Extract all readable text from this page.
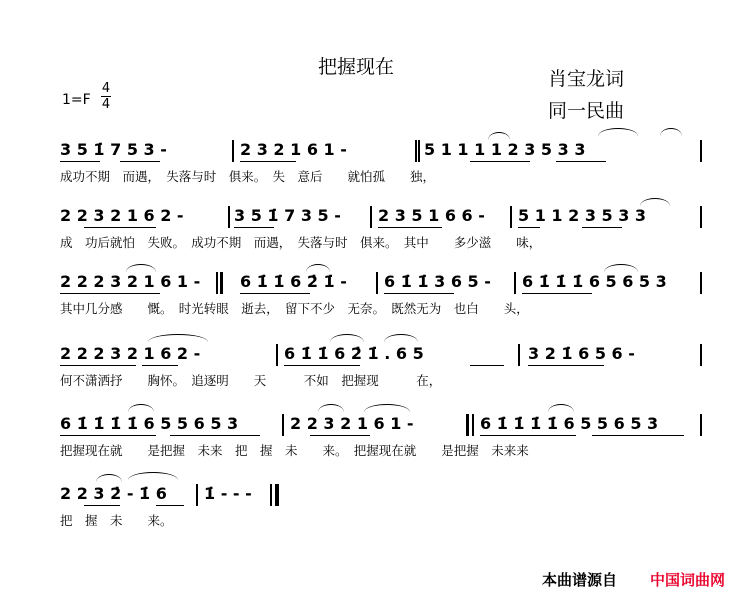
把握现在
肖宝龙词
同一民曲
1=F
4
4
3 5 1̇ 7 5 3 -	2 3 2 1 6 1 -	5 1 1 1 1 2 3 5 3 3
成功不期　而遇，　失落与时　俱来。　失　意后　　就怕孤　　独，
2 2 3 2 1 6 2 -	3 5 1̇ 7 3 5 - 2 3 5 1 6 6 - 5 1 1 2 3 5 3 3
成　功后就怕　失败。　成功不期　而遇，　失落与时　俱来。　其中　　多少滋　　味，
2 2 2 3 2 1 6 1 - 6 1̇ 1̇ 6 2̇ 1̇ - 6 1̇ 1̇ 3 6 5 - 6 1̇ 1̇ 1̇ 6 5 6 5 3
其中几分感　　慨。　时光转眼　逝去，　留下不少　无奈。　既然无为　也白　　头，
2 2 2 3 2 1 6 2 -	6 1̇ 1̇ 6 2̇ 1̇ . 6 5	3 2 1̇ 6 5 6 -
何不潇洒抒　　胸怀。　追逐明　　天　　　不如　把握现　　　在，
6 1̇ 1̇ 1̇ 1̇ 6 5 5 6 5 3	2 2 3 2 1 6 1 -	6 1̇ 1̇ 1̇ 1̇ 6 5 5 6 5 3
把握现在就　　是把握　未来　把　握　未　　来。　把握现在就　　是把握　未来来
2 2 3 2̇ - 1̇ 6 1̇ - - -
把　握　未　　来。
本曲谱源自 中国词曲网
